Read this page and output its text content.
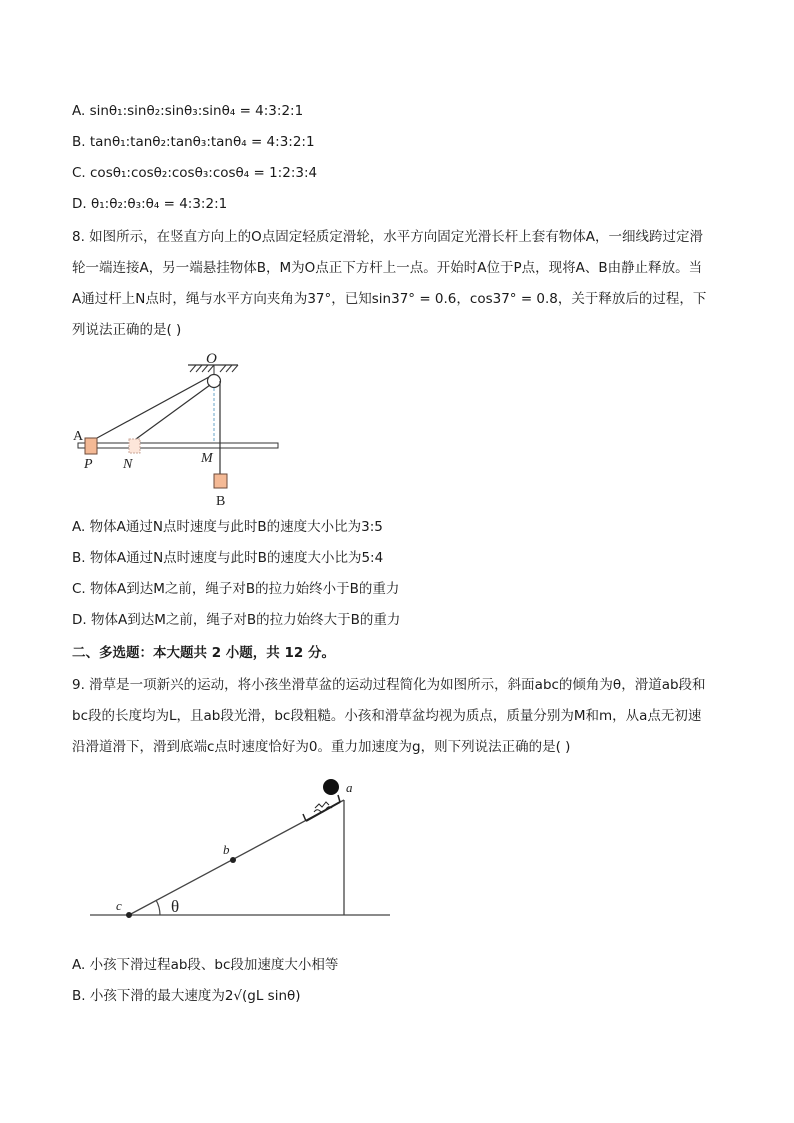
A. sinθ₁:sinθ₂:sinθ₃:sinθ₄ = 4:3:2:1
B. tanθ₁:tanθ₂:tanθ₃:tanθ₄ = 4:3:2:1
C. cosθ₁:cosθ₂:cosθ₃:cosθ₄ = 1:2:3:4
D. θ₁:θ₂:θ₃:θ₄ = 4:3:2:1
8. 如图所示，在竖直方向上的O点固定轻质定滑轮，水平方向固定光滑长杆上套有物体A，一细线跨过定滑
轮一端连接A，另一端悬挂物体B，M为O点正下方杆上一点。开始时A位于P点，现将A、B由静止释放。当
A通过杆上N点时，绳与水平方向夹角为37°，已知sin37° = 0.6，cos37° = 0.8，关于释放后的过程，下
列说法正确的是( )
O
A
P N	M
B
A. 物体A通过N点时速度与此时B的速度大小比为3:5
B. 物体A通过N点时速度与此时B的速度大小比为5:4
C. 物体A到达M之前，绳子对B的拉力始终小于B的重力
D. 物体A到达M之前，绳子对B的拉力始终大于B的重力
二、多选题：本大题共 2 小题，共 12 分。
9. 滑草是一项新兴的运动，将小孩坐滑草盆的运动过程简化为如图所示，斜面abc的倾角为θ，滑道ab段和
bc段的长度均为L，且ab段光滑，bc段粗糙。小孩和滑草盆均视为质点，质量分别为M和m，从a点无初速
沿滑道滑下，滑到底端c点时速度恰好为0。重力加速度为g，则下列说法正确的是( )
θ
c
b
a
A. 小孩下滑过程ab段、bc段加速度大小相等
B. 小孩下滑的最大速度为2√(gL sinθ)
